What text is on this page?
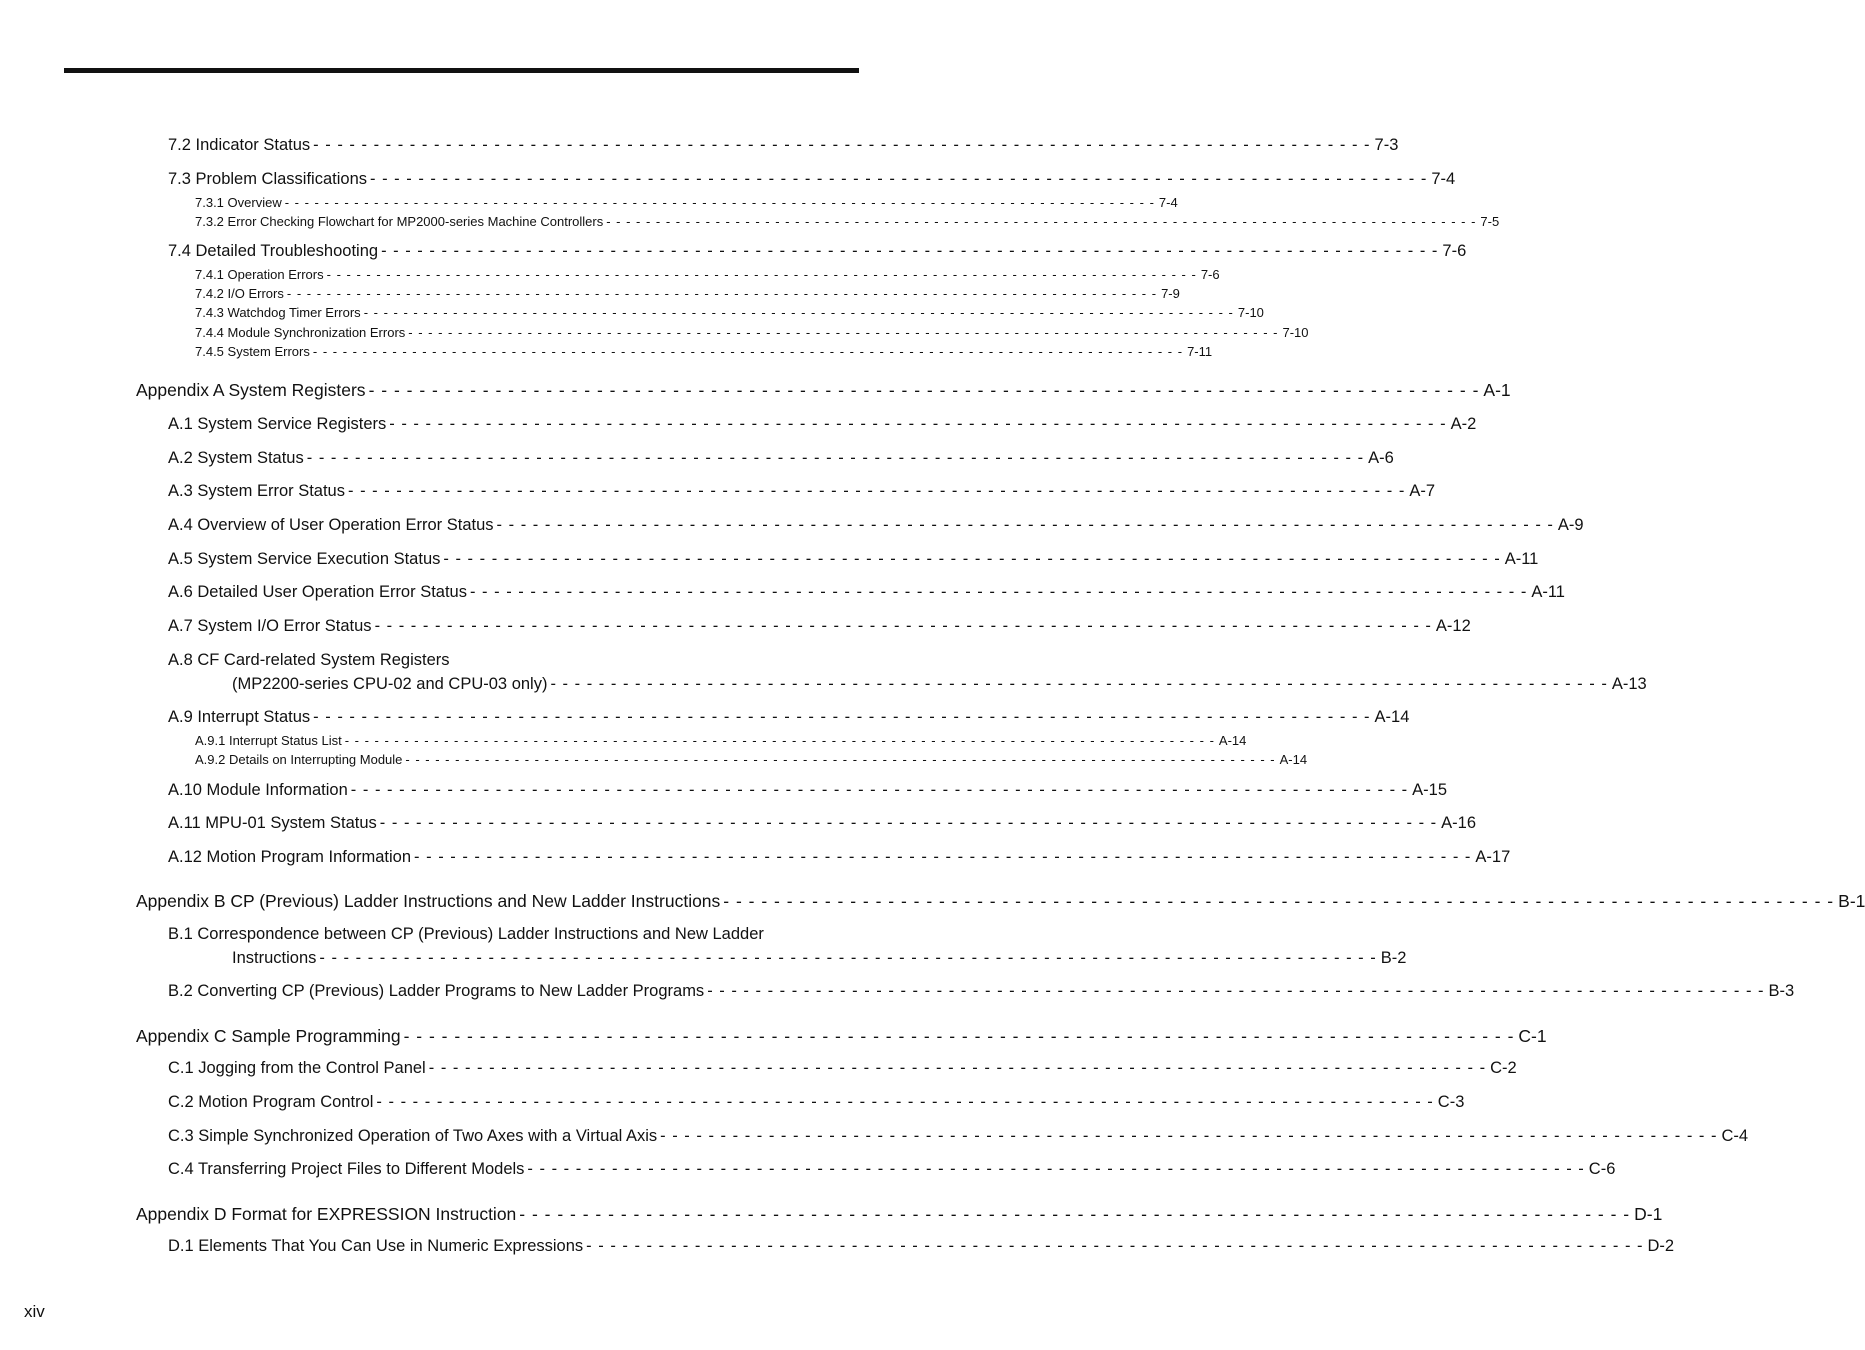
7.2 Indicator Status - - - - - - - - - - - - - - - - - - - - - - - - - - - - - - - - - - - - - - - - - - - - - - - - - - - - - - - - - - - - - - - - - - - - - - - - - - - - - - - - - - - - - - - - 7-3
7.3 Problem Classifications - - - - - - - - - - - - - - - - - - - - - - - - - - - - - - - - - - - - - - - - - - - - - - - - - - - - - - - - - - - - - - - - - - - - - - - - - - - - - - - - - - - - - - - - 7-4
7.3.1 Overview - - - - - - - - - - - - - - - - - - - - - - - - - - - - - - - - - - - - - - - - - - - - - - - - - - - - - - - - - - - - - - - - - - - - - - - - - - - - - - - - - - - - - - - - 7-4
7.3.2 Error Checking Flowchart for MP2000-series Machine Controllers - - - - - - - - - - - - - - - - - - - - - - - - - - - - - - - - - - - - - - - - - - - - - - - - - - - - - - - - - - - - - - - - - - - - - - - - - - - - - - - - - - - - - - - - 7-5
7.4 Detailed Troubleshooting - - - - - - - - - - - - - - - - - - - - - - - - - - - - - - - - - - - - - - - - - - - - - - - - - - - - - - - - - - - - - - - - - - - - - - - - - - - - - - - - - - - - - - - - 7-6
7.4.1 Operation Errors - - - - - - - - - - - - - - - - - - - - - - - - - - - - - - - - - - - - - - - - - - - - - - - - - - - - - - - - - - - - - - - - - - - - - - - - - - - - - - - - - - - - - - - - 7-6
7.4.2 I/O Errors - - - - - - - - - - - - - - - - - - - - - - - - - - - - - - - - - - - - - - - - - - - - - - - - - - - - - - - - - - - - - - - - - - - - - - - - - - - - - - - - - - - - - - - - 7-9
7.4.3 Watchdog Timer Errors - - - - - - - - - - - - - - - - - - - - - - - - - - - - - - - - - - - - - - - - - - - - - - - - - - - - - - - - - - - - - - - - - - - - - - - - - - - - - - - - - - - - - - - - 7-10
7.4.4 Module Synchronization Errors - - - - - - - - - - - - - - - - - - - - - - - - - - - - - - - - - - - - - - - - - - - - - - - - - - - - - - - - - - - - - - - - - - - - - - - - - - - - - - - - - - - - - - - - 7-10
7.4.5 System Errors - - - - - - - - - - - - - - - - - - - - - - - - - - - - - - - - - - - - - - - - - - - - - - - - - - - - - - - - - - - - - - - - - - - - - - - - - - - - - - - - - - - - - - - - 7-11
Appendix A System Registers - - - - - - - - - - - - - - - - - - - - - - - - - - - - - - - - - - - - - - - - - - - - - - - - - - - - - - - - - - - - - - - - - - - - - - - - - - - - - - - - - - - - - - - - A-1
A.1 System Service Registers - - - - - - - - - - - - - - - - - - - - - - - - - - - - - - - - - - - - - - - - - - - - - - - - - - - - - - - - - - - - - - - - - - - - - - - - - - - - - - - - - - - - - - - - A-2
A.2 System Status - - - - - - - - - - - - - - - - - - - - - - - - - - - - - - - - - - - - - - - - - - - - - - - - - - - - - - - - - - - - - - - - - - - - - - - - - - - - - - - - - - - - - - - - A-6
A.3 System Error Status - - - - - - - - - - - - - - - - - - - - - - - - - - - - - - - - - - - - - - - - - - - - - - - - - - - - - - - - - - - - - - - - - - - - - - - - - - - - - - - - - - - - - - - - A-7
A.4 Overview of User Operation Error Status - - - - - - - - - - - - - - - - - - - - - - - - - - - - - - - - - - - - - - - - - - - - - - - - - - - - - - - - - - - - - - - - - - - - - - - - - - - - - - - - - - - - - - - - A-9
A.5 System Service Execution Status - - - - - - - - - - - - - - - - - - - - - - - - - - - - - - - - - - - - - - - - - - - - - - - - - - - - - - - - - - - - - - - - - - - - - - - - - - - - - - - - - - - - - - - - A-11
A.6 Detailed User Operation Error Status - - - - - - - - - - - - - - - - - - - - - - - - - - - - - - - - - - - - - - - - - - - - - - - - - - - - - - - - - - - - - - - - - - - - - - - - - - - - - - - - - - - - - - - - A-11
A.7 System I/O Error Status - - - - - - - - - - - - - - - - - - - - - - - - - - - - - - - - - - - - - - - - - - - - - - - - - - - - - - - - - - - - - - - - - - - - - - - - - - - - - - - - - - - - - - - - A-12
A.8 CF Card-related System Registers
(MP2200-series CPU-02 and CPU-03 only) - - - - - - - - - - - - - - - - - - - - - - - - - - - - - - - - - - - - - - - - - - - - - - - - - - - - - - - - - - - - - - - - - - - - - - - - - - - - - - - - - - - - - - - - A-13
A.9 Interrupt Status - - - - - - - - - - - - - - - - - - - - - - - - - - - - - - - - - - - - - - - - - - - - - - - - - - - - - - - - - - - - - - - - - - - - - - - - - - - - - - - - - - - - - - - - A-14
A.9.1 Interrupt Status List - - - - - - - - - - - - - - - - - - - - - - - - - - - - - - - - - - - - - - - - - - - - - - - - - - - - - - - - - - - - - - - - - - - - - - - - - - - - - - - - - - - - - - - - A-14
A.9.2 Details on Interrupting Module - - - - - - - - - - - - - - - - - - - - - - - - - - - - - - - - - - - - - - - - - - - - - - - - - - - - - - - - - - - - - - - - - - - - - - - - - - - - - - - - - - - - - - - - A-14
A.10 Module Information - - - - - - - - - - - - - - - - - - - - - - - - - - - - - - - - - - - - - - - - - - - - - - - - - - - - - - - - - - - - - - - - - - - - - - - - - - - - - - - - - - - - - - - - A-15
A.11 MPU-01 System Status - - - - - - - - - - - - - - - - - - - - - - - - - - - - - - - - - - - - - - - - - - - - - - - - - - - - - - - - - - - - - - - - - - - - - - - - - - - - - - - - - - - - - - - - A-16
A.12 Motion Program Information - - - - - - - - - - - - - - - - - - - - - - - - - - - - - - - - - - - - - - - - - - - - - - - - - - - - - - - - - - - - - - - - - - - - - - - - - - - - - - - - - - - - - - - - A-17
Appendix B CP (Previous) Ladder Instructions and New Ladder Instructions - - - - - - - - - - - - - - - - - - - - - - - - - - - - - - - - - - - - - - - - - - - - - - - - - - - - - - - - - - - - - - - - - - - - - - - - - - - - - - - - - - - - - - - - B-1
B.1 Correspondence between CP (Previous) Ladder Instructions and New Ladder
Instructions - - - - - - - - - - - - - - - - - - - - - - - - - - - - - - - - - - - - - - - - - - - - - - - - - - - - - - - - - - - - - - - - - - - - - - - - - - - - - - - - - - - - - - - - B-2
B.2 Converting CP (Previous) Ladder Programs to New Ladder Programs - - - - - - - - - - - - - - - - - - - - - - - - - - - - - - - - - - - - - - - - - - - - - - - - - - - - - - - - - - - - - - - - - - - - - - - - - - - - - - - - - - - - - - - - B-3
Appendix C Sample Programming - - - - - - - - - - - - - - - - - - - - - - - - - - - - - - - - - - - - - - - - - - - - - - - - - - - - - - - - - - - - - - - - - - - - - - - - - - - - - - - - - - - - - - - - C-1
C.1 Jogging from the Control Panel - - - - - - - - - - - - - - - - - - - - - - - - - - - - - - - - - - - - - - - - - - - - - - - - - - - - - - - - - - - - - - - - - - - - - - - - - - - - - - - - - - - - - - - - C-2
C.2 Motion Program Control - - - - - - - - - - - - - - - - - - - - - - - - - - - - - - - - - - - - - - - - - - - - - - - - - - - - - - - - - - - - - - - - - - - - - - - - - - - - - - - - - - - - - - - - C-3
C.3 Simple Synchronized Operation of Two Axes with a Virtual Axis - - - - - - - - - - - - - - - - - - - - - - - - - - - - - - - - - - - - - - - - - - - - - - - - - - - - - - - - - - - - - - - - - - - - - - - - - - - - - - - - - - - - - - - - C-4
C.4 Transferring Project Files to Different Models - - - - - - - - - - - - - - - - - - - - - - - - - - - - - - - - - - - - - - - - - - - - - - - - - - - - - - - - - - - - - - - - - - - - - - - - - - - - - - - - - - - - - - - - C-6
Appendix D Format for EXPRESSION Instruction - - - - - - - - - - - - - - - - - - - - - - - - - - - - - - - - - - - - - - - - - - - - - - - - - - - - - - - - - - - - - - - - - - - - - - - - - - - - - - - - - - - - - - - - D-1
D.1 Elements That You Can Use in Numeric Expressions - - - - - - - - - - - - - - - - - - - - - - - - - - - - - - - - - - - - - - - - - - - - - - - - - - - - - - - - - - - - - - - - - - - - - - - - - - - - - - - - - - - - - - - - D-2
xiv
